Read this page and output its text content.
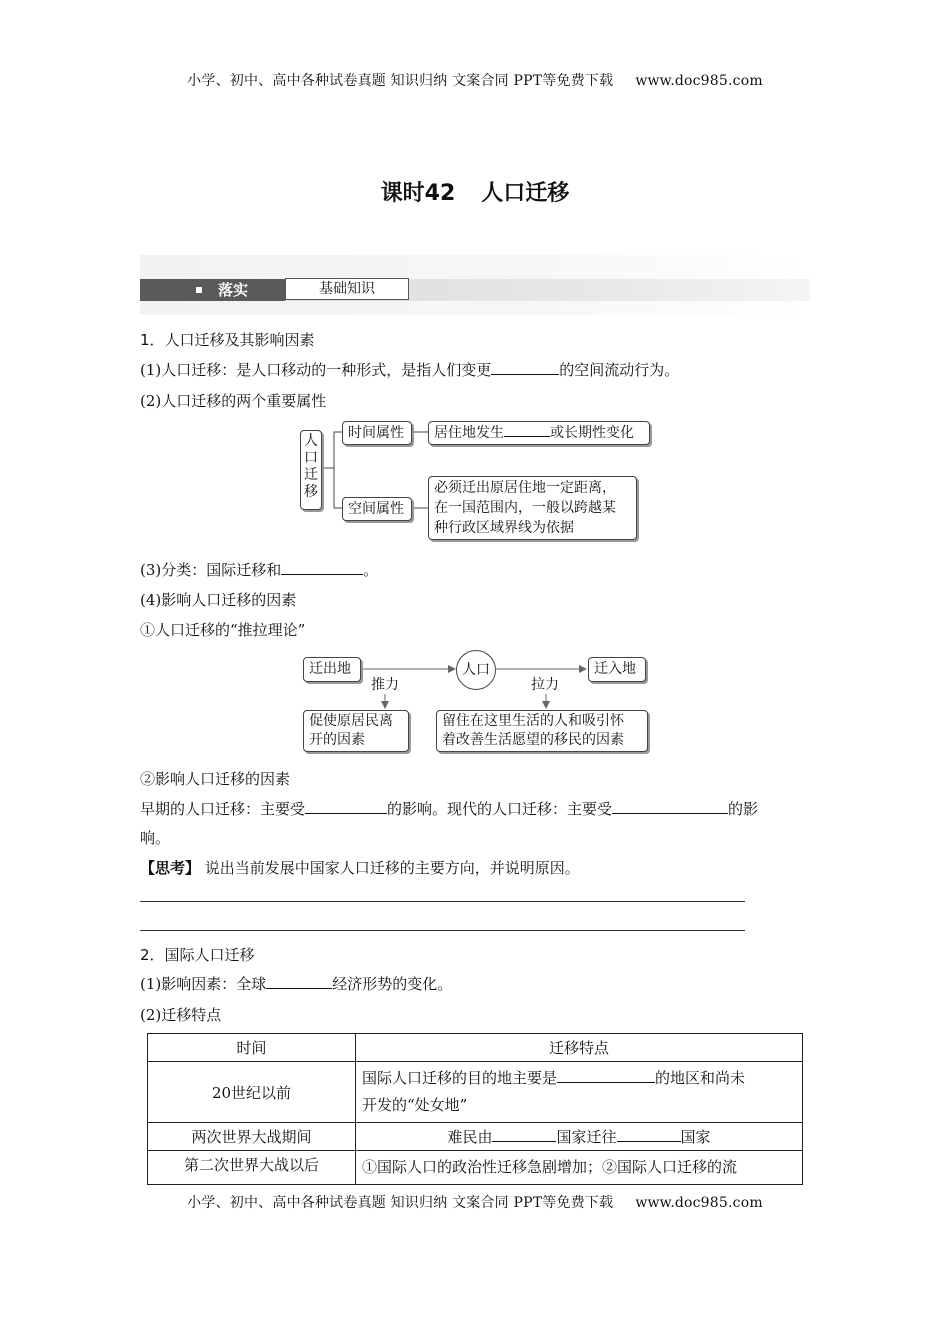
小学、初中、高中各种试卷真题 知识归纳 文案合同 PPT等免费下载 www.doc985.com
课时42 人口迁移
落实	基础知识
1．人口迁移及其影响因素
(1)人口迁移：是人口移动的一种形式，是指人们变更	的空间流动行为。
(2)人口迁移的两个重要属性
人
口
迁
移
时间属性	居住地发生	或长期性变化
空间属性
必须迁出原居住地一定距离，
在一国范围内，一般以跨越某
种行政区域界线为依据
(3)分类：国际迁移和	。
(4)影响人口迁移的因素
①人口迁移的“推拉理论”
迁出地	人口	迁入地
推力	拉力
促使原居民离
开的因素
留住在这里生活的人和吸引怀
着改善生活愿望的移民的因素
②影响人口迁移的因素
早期的人口迁移：主要受	的影响。现代的人口迁移：主要受	的影
响。
【思考】 说出当前发展中国家人口迁移的主要方向，并说明原因。
2．国际人口迁移
(1)影响因素：全球	经济形势的变化。
(2)迁移特点
时间	迁移特点
20世纪以前	国际人口迁移的目的地主要是 的地区和尚未
开发的“处女地”
两次世界大战期间	难民由 国家迁往 国家
第二次世界大战以后	①国际人口的政治性迁移急剧增加；②国际人口迁移的流
小学、初中、高中各种试卷真题 知识归纳 文案合同 PPT等免费下载 www.doc985.com
